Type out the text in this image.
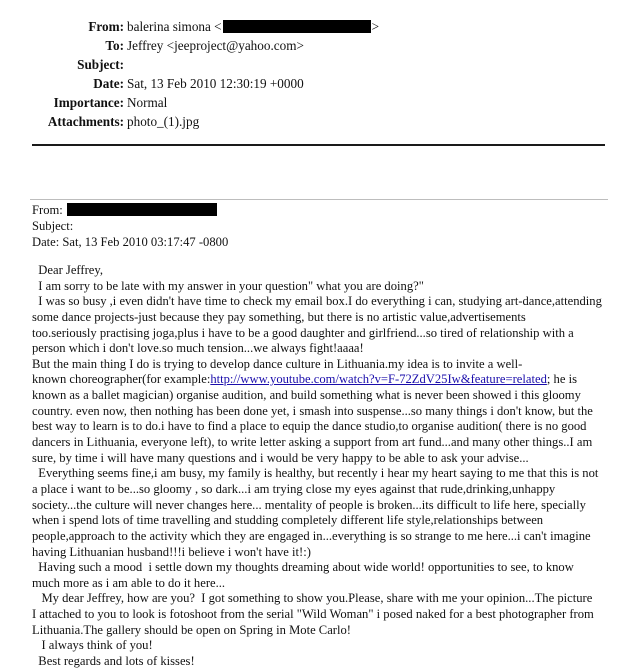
From: balerina simona <	>
To: Jeffrey <jeeproject@yahoo.com>
Subject:
Date: Sat, 13 Feb 2010 12:30:19 +0000
Importance: Normal
Attachments: photo_(1).jpg
From:
Subject:
Date: Sat, 13 Feb 2010 03:17:47 -0800
Dear Jeffrey,
I am sorry to be late with my answer in your question" what you are doing?"
I was so busy ,i even didn't have time to check my email box.I do everything i can, studying art-dance,attending
some dance projects-just because they pay something, but there is no artistic value,advertisements
too.seriously practising joga,plus i have to be a good daughter and girlfriend...so tired of relationship with a
person which i don't love.so much tension...we always fight!aaaa!
But the main thing I do is trying to develop dance culture in Lithuania.my idea is to invite a well-
known choreographer(for example:http://www.youtube.com/watch?v=F-72ZdV25Iw&feature=related; he is
known as a ballet magician) organise audition, and build something what is never been showed i this gloomy
country. even now, then nothing has been done yet, i smash into suspense...so many things i don't know, but the
best way to learn is to do.i have to find a place to equip the dance studio,to organise audition( there is no good
dancers in Lithuania, everyone left), to write letter asking a support from art fund...and many other things..I am
sure, by time i will have many questions and i would be very happy to be able to ask your advise...
Everything seems fine,i am busy, my family is healthy, but recently i hear my heart saying to me that this is not
a place i want to be...so gloomy , so dark...i am trying close my eyes against that rude,drinking,unhappy
society...the culture will never changes here... mentality of people is broken...its difficult to life here, specially
when i spend lots of time travelling and studding completely different life style,relationships between
people,approach to the activity which they are engaged in...everything is so strange to me here...i can't imagine
having Lithuanian husband!!!i believe i won't have it!:)
Having such a mood  i settle down my thoughts dreaming about wide world! opportunities to see, to know
much more as i am able to do it here...
My dear Jeffrey, how are you?  I got something to show you.Please, share with me your opinion...The picture
I attached to you to look is fotoshoot from the serial "Wild Woman" i posed naked for a best photographer from
Lithuania.The gallery should be open on Spring in Mote Carlo!
I always think of you!
Best regards and lots of kisses!
